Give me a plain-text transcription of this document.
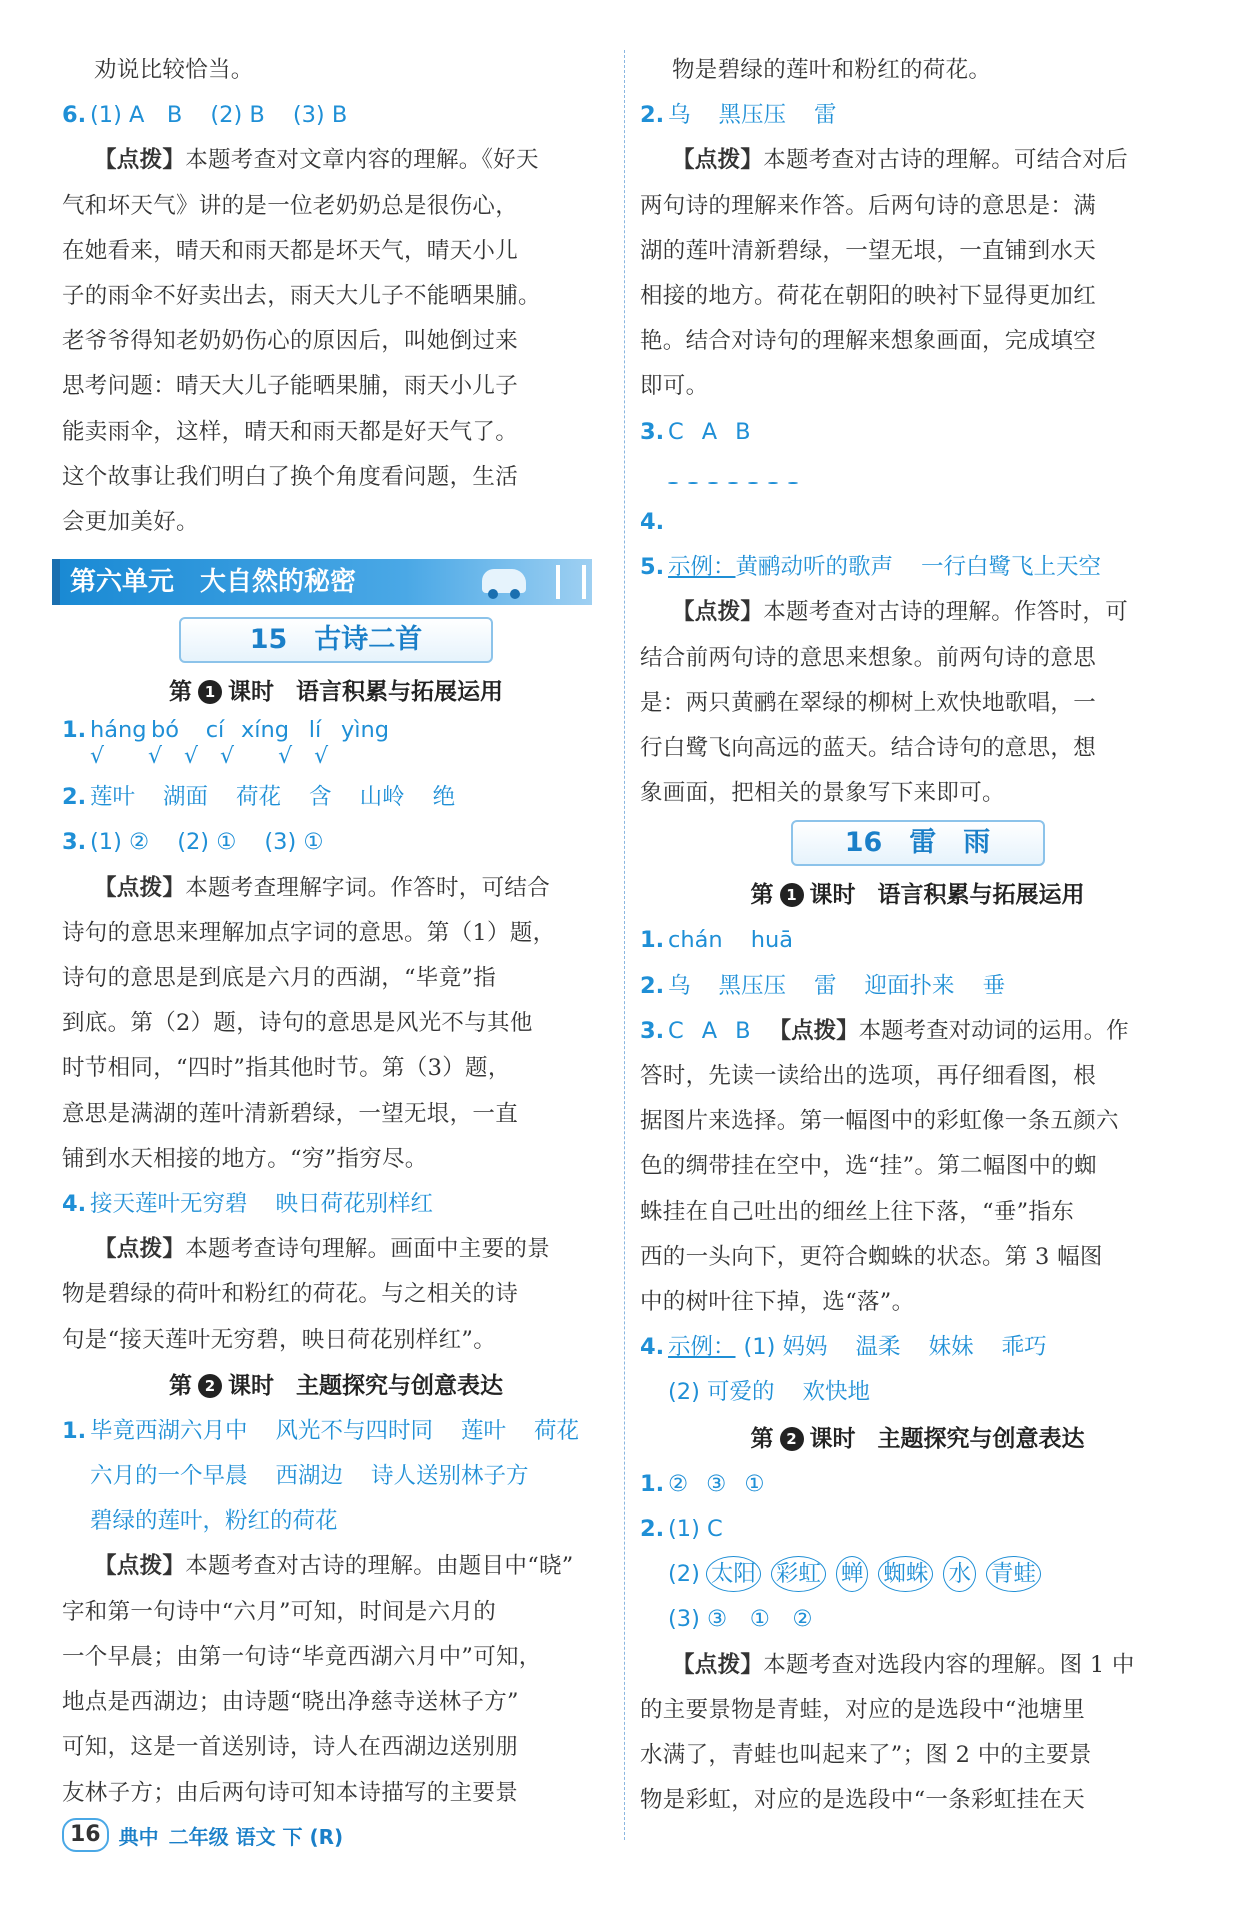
劝说比较恰当。

6. (1) A　B (2) B (3) B

【点拨】本题考查对文章内容的理解。《好天

气和坏天气》讲的是一位老奶奶总是很伤心，

在她看来，晴天和雨天都是坏天气，晴天小儿

子的雨伞不好卖出去，雨天大儿子不能晒果脯。

老爷爷得知老奶奶伤心的原因后，叫她倒过来

思考问题：晴天大儿子能晒果脯，雨天小儿子

能卖雨伞，这样，晴天和雨天都是好天气了。

这个故事让我们明白了换个角度看问题，生活

会更加美好。

第六单元　大自然的秘密
15　古诗二首
第 1 课时 语言积累与拓展运用
1. háng bó cí xíng lí yìng
√　　√　√　√　　√　√
2. 莲叶 湖面 荷花 含 山岭 绝
3. (1) ② (2) ① (3) ①

【点拨】本题考查理解字词。作答时，可结合

诗句的意思来理解加点字词的意思。第（1）题，

诗句的意思是到底是六月的西湖，“毕竟”指

到底。第（2）题，诗句的意思是风光不与其他

时节相同，“四时”指其他时节。第（3）题，

意思是满湖的莲叶清新碧绿，一望无垠，一直

铺到水天相接的地方。“穷”指穷尽。

4. 接天莲叶无穷碧 映日荷花别样红

【点拨】本题考查诗句理解。画面中主要的景

物是碧绿的荷叶和粉红的荷花。与之相关的诗

句是“接天莲叶无穷碧，映日荷花别样红”。

第 2 课时 主题探究与创意表达
1. 毕竟西湖六月中 风光不与四时同 莲叶 荷花
六月的一个早晨 西湖边 诗人送别林子方
碧绿的莲叶，粉红的荷花

【点拨】本题考查对古诗的理解。由题目中“晓”

字和第一句诗中“六月”可知，时间是六月的

一个早晨；由第一句诗“毕竟西湖六月中”可知，

地点是西湖边；由诗题“晓出净慈寺送林子方”

可知，这是一首送别诗，诗人在西湖边送别朋

友林子方；由后两句诗可知本诗描写的主要景

物是碧绿的莲叶和粉红的荷花。

2. 乌 黑压压 雷

【点拨】本题考查对古诗的理解。可结合对后

两句诗的理解来作答。后两句诗的意思是：满

湖的莲叶清新碧绿，一望无垠，一直铺到水天

相接的地方。荷花在朝阳的映衬下显得更加红

艳。结合对诗句的理解来想象画面，完成填空

即可。

3. C A B
4.
5. 示例：黄鹂动听的歌声 一行白鹭飞上天空

【点拨】本题考查对古诗的理解。作答时，可

结合前两句诗的意思来想象。前两句诗的意思

是：两只黄鹂在翠绿的柳树上欢快地歌唱，一

行白鹭飞向高远的蓝天。结合诗句的意思，想

象画面，把相关的景象写下来即可。

16　雷　雨
第 1 课时 语言积累与拓展运用
1. chán huā
2. 乌 黑压压 雷 迎面扑来 垂
3. C A B 【点拨】本题考查对动词的运用。作

答时，先读一读给出的选项，再仔细看图，根

据图片来选择。第一幅图中的彩虹像一条五颜六

色的绸带挂在空中，选“挂”。第二幅图中的蜘

蛛挂在自己吐出的细丝上往下落，“垂”指东

西的一头向下，更符合蜘蛛的状态。第 3 幅图

中的树叶往下掉，选“落”。

4. 示例： (1) 妈妈 温柔 妹妹 乖巧
(2) 可爱的 欢快地
第 2 课时 主题探究与创意表达
1. ② ③ ①
2. (1) C
(2) 太阳 彩虹 蝉 蜘蛛 水 青蛙
(3) ③　①　②

【点拨】本题考查对选段内容的理解。图 1 中

的主要景物是青蛙，对应的是选段中“池塘里

水满了，青蛙也叫起来了”；图 2 中的主要景

物是彩虹，对应的是选段中“一条彩虹挂在天

16 典中 二年级 语文 下 (R)
